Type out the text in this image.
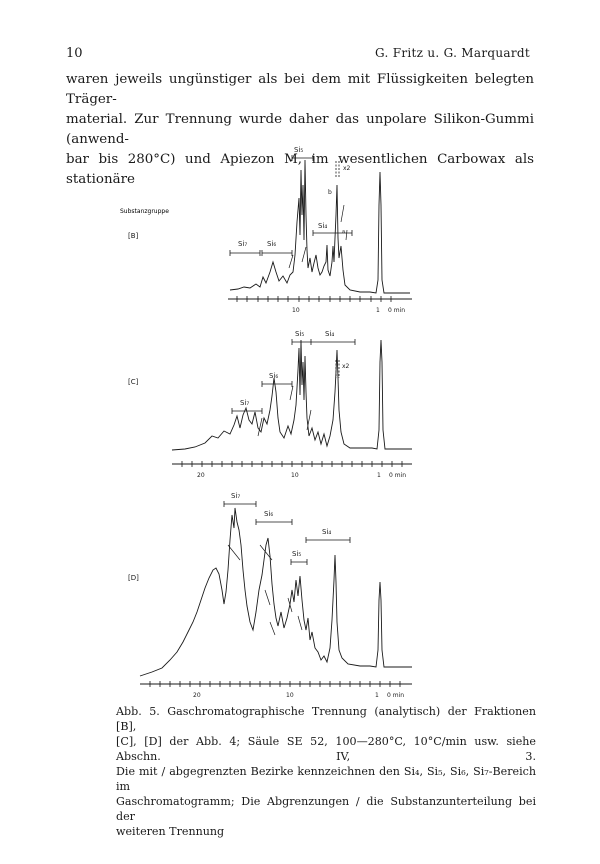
10	G. Fritz u. G. Marquardt
waren jeweils ungünstiger als bei dem mit Flüssigkeiten belegten Träger-
material. Zur Trennung wurde daher das unpolare Silikon-Gummi (anwend-
bar bis 280°C) und Apiezon M, im wesentlichen Carbowax als stationäre
Substanzgruppe
[B]
Si₅
x2
b
a
Si₄
Si₇	Si₆
10	1 0 min
[C]
Si₅	Si₄
x2
Si₆
Si₇
20	10	1 0 min
[D]
Si₇
Si₆
Si₄
Si₅
20	10	1 0 min
Abb. 5. Gaschromatographische Trennung (analytisch) der Fraktionen [B],
[C], [D] der Abb. 4; Säule SE 52, 100—280°C, 10°C/min usw. siehe Abschn. IV, 3.
Die mit / abgegrenzten Bezirke kennzeichnen den Si₄, Si₅, Si₆, Si₇-Bereich im
Gaschromatogramm; Die Abgrenzungen / die Substanzunterteilung bei der
weiteren Trennung
